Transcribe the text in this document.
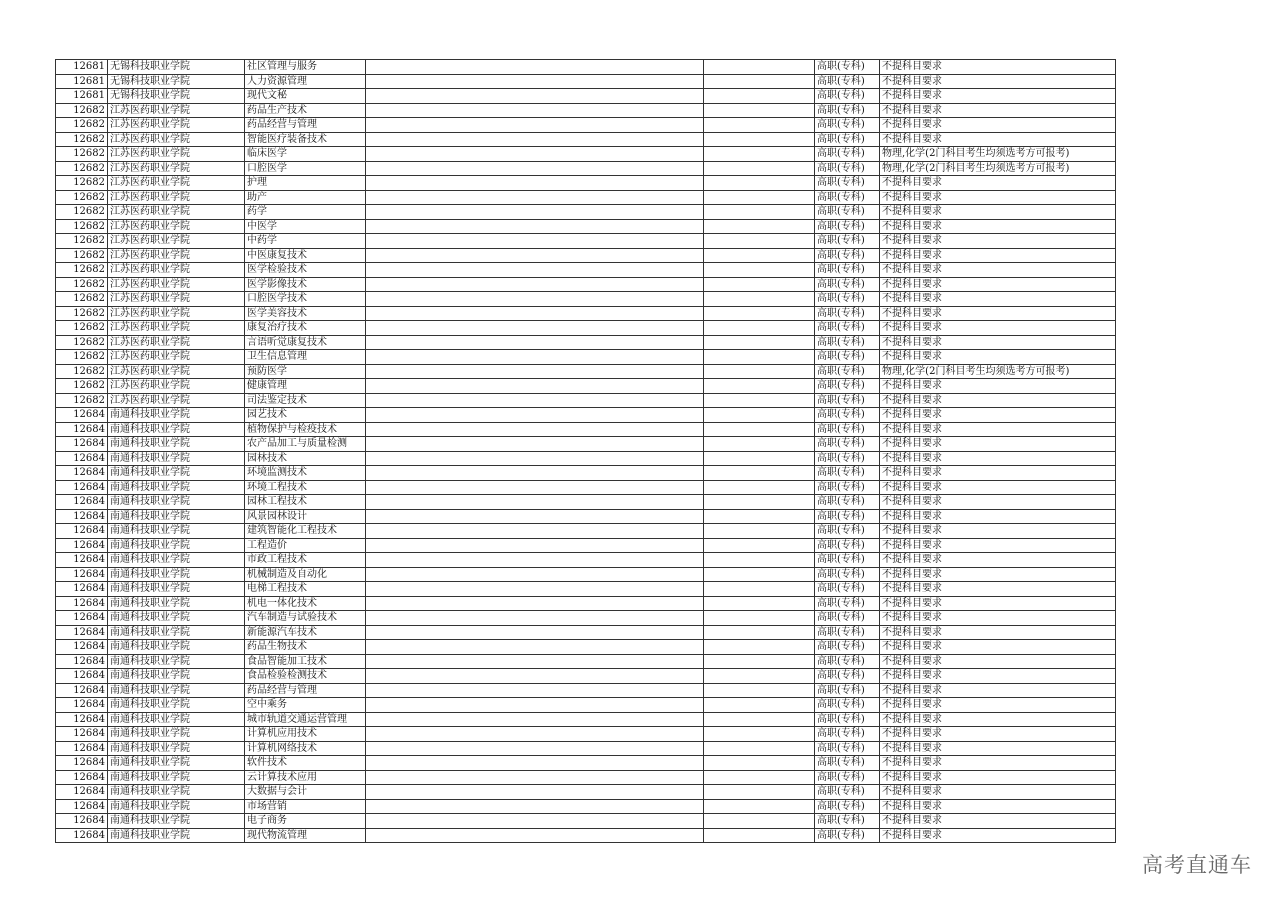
12681	无锡科技职业学院	社区管理与服务			高职(专科)	不提科目要求
12681	无锡科技职业学院	人力资源管理			高职(专科)	不提科目要求
12681	无锡科技职业学院	现代文秘			高职(专科)	不提科目要求
12682	江苏医药职业学院	药品生产技术			高职(专科)	不提科目要求
12682	江苏医药职业学院	药品经营与管理			高职(专科)	不提科目要求
12682	江苏医药职业学院	智能医疗装备技术			高职(专科)	不提科目要求
12682	江苏医药职业学院	临床医学			高职(专科)	物理,化学(2门科目考生均须选考方可报考)
12682	江苏医药职业学院	口腔医学			高职(专科)	物理,化学(2门科目考生均须选考方可报考)
12682	江苏医药职业学院	护理			高职(专科)	不提科目要求
12682	江苏医药职业学院	助产			高职(专科)	不提科目要求
12682	江苏医药职业学院	药学			高职(专科)	不提科目要求
12682	江苏医药职业学院	中医学			高职(专科)	不提科目要求
12682	江苏医药职业学院	中药学			高职(专科)	不提科目要求
12682	江苏医药职业学院	中医康复技术			高职(专科)	不提科目要求
12682	江苏医药职业学院	医学检验技术			高职(专科)	不提科目要求
12682	江苏医药职业学院	医学影像技术			高职(专科)	不提科目要求
12682	江苏医药职业学院	口腔医学技术			高职(专科)	不提科目要求
12682	江苏医药职业学院	医学美容技术			高职(专科)	不提科目要求
12682	江苏医药职业学院	康复治疗技术			高职(专科)	不提科目要求
12682	江苏医药职业学院	言语听觉康复技术			高职(专科)	不提科目要求
12682	江苏医药职业学院	卫生信息管理			高职(专科)	不提科目要求
12682	江苏医药职业学院	预防医学			高职(专科)	物理,化学(2门科目考生均须选考方可报考)
12682	江苏医药职业学院	健康管理			高职(专科)	不提科目要求
12682	江苏医药职业学院	司法鉴定技术			高职(专科)	不提科目要求
12684	南通科技职业学院	园艺技术			高职(专科)	不提科目要求
12684	南通科技职业学院	植物保护与检疫技术			高职(专科)	不提科目要求
12684	南通科技职业学院	农产品加工与质量检测			高职(专科)	不提科目要求
12684	南通科技职业学院	园林技术			高职(专科)	不提科目要求
12684	南通科技职业学院	环境监测技术			高职(专科)	不提科目要求
12684	南通科技职业学院	环境工程技术			高职(专科)	不提科目要求
12684	南通科技职业学院	园林工程技术			高职(专科)	不提科目要求
12684	南通科技职业学院	风景园林设计			高职(专科)	不提科目要求
12684	南通科技职业学院	建筑智能化工程技术			高职(专科)	不提科目要求
12684	南通科技职业学院	工程造价			高职(专科)	不提科目要求
12684	南通科技职业学院	市政工程技术			高职(专科)	不提科目要求
12684	南通科技职业学院	机械制造及自动化			高职(专科)	不提科目要求
12684	南通科技职业学院	电梯工程技术			高职(专科)	不提科目要求
12684	南通科技职业学院	机电一体化技术			高职(专科)	不提科目要求
12684	南通科技职业学院	汽车制造与试验技术			高职(专科)	不提科目要求
12684	南通科技职业学院	新能源汽车技术			高职(专科)	不提科目要求
12684	南通科技职业学院	药品生物技术			高职(专科)	不提科目要求
12684	南通科技职业学院	食品智能加工技术			高职(专科)	不提科目要求
12684	南通科技职业学院	食品检验检测技术			高职(专科)	不提科目要求
12684	南通科技职业学院	药品经营与管理			高职(专科)	不提科目要求
12684	南通科技职业学院	空中乘务			高职(专科)	不提科目要求
12684	南通科技职业学院	城市轨道交通运营管理			高职(专科)	不提科目要求
12684	南通科技职业学院	计算机应用技术			高职(专科)	不提科目要求
12684	南通科技职业学院	计算机网络技术			高职(专科)	不提科目要求
12684	南通科技职业学院	软件技术			高职(专科)	不提科目要求
12684	南通科技职业学院	云计算技术应用			高职(专科)	不提科目要求
12684	南通科技职业学院	大数据与会计			高职(专科)	不提科目要求
12684	南通科技职业学院	市场营销			高职(专科)	不提科目要求
12684	南通科技职业学院	电子商务			高职(专科)	不提科目要求
12684	南通科技职业学院	现代物流管理			高职(专科)	不提科目要求
高考直通车
